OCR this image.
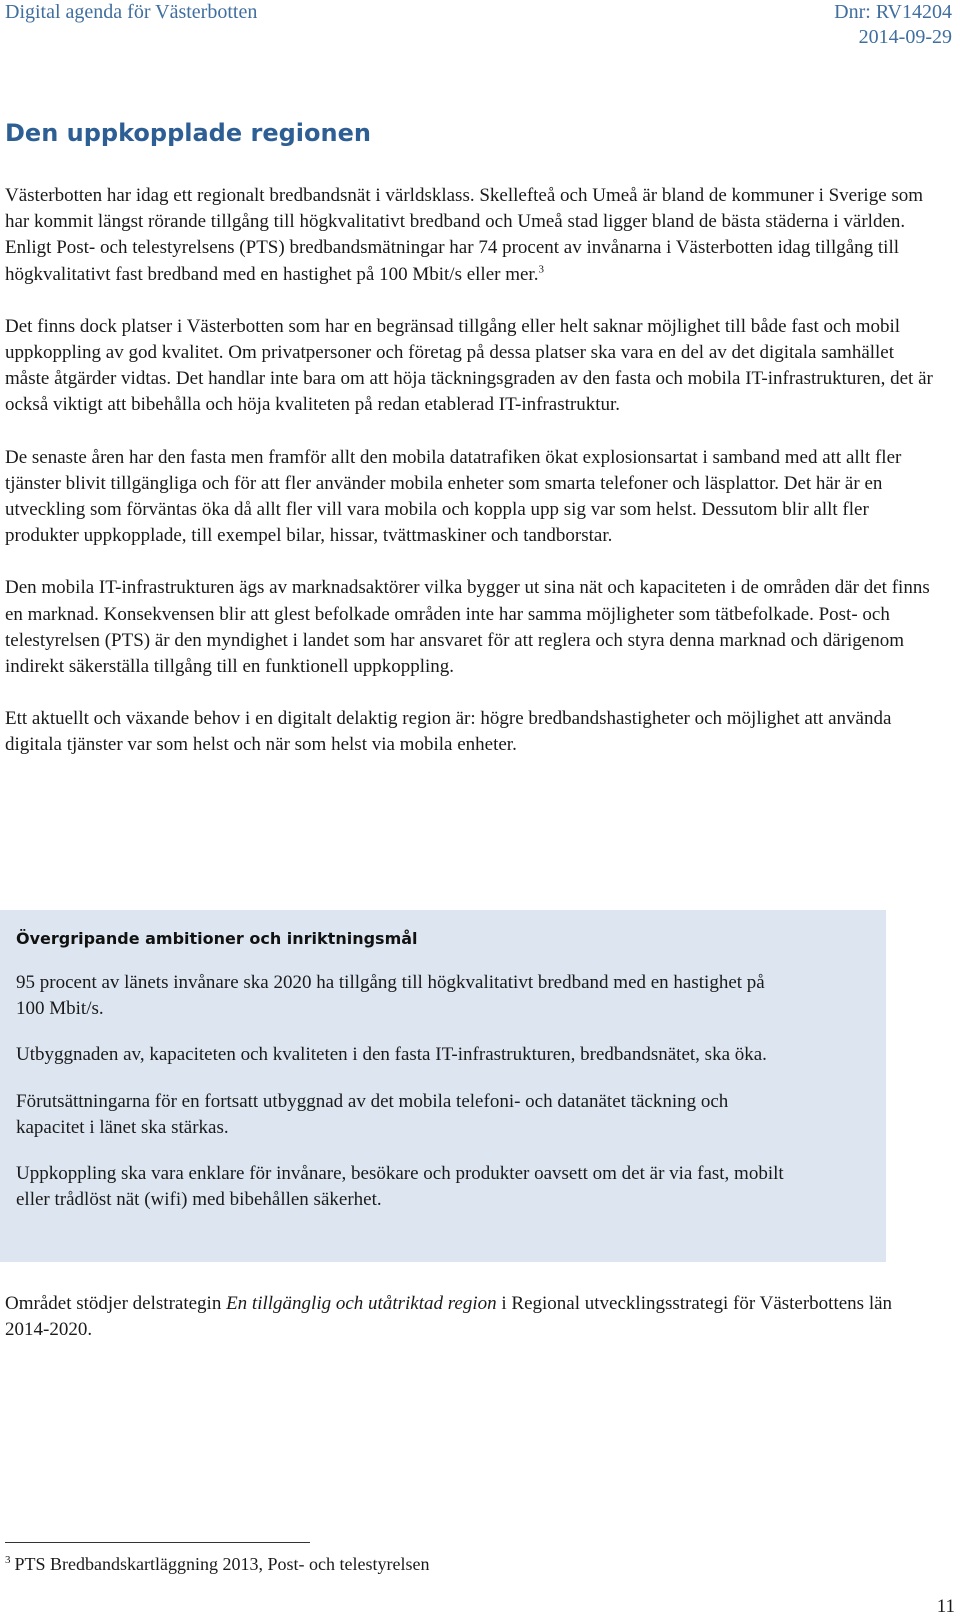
Digital agenda för Västerbotten	Dnr: RV14204
2014-09-29
Den uppkopplade regionen

Västerbotten har idag ett regionalt bredbandsnät i världsklass. Skellefteå och Umeå är bland de kommuner i Sverige som har kommit längst rörande tillgång till högkvalitativt bredband och Umeå stad ligger bland de bästa städerna i världen. Enligt Post- och telestyrelsens (PTS) bredbandsmätningar har 74 procent av invånarna i Västerbotten idag tillgång till högkvalitativt fast bredband med en hastighet på 100 Mbit/s eller mer.$^3$

Det finns dock platser i Västerbotten som har en begränsad tillgång eller helt saknar möjlighet till både fast och mobil uppkoppling av god kvalitet. Om privatpersoner och företag på dessa platser ska vara en del av det digitala samhället måste åtgärder vidtas. Det handlar inte bara om att höja täckningsgraden av den fasta och mobila IT-infrastrukturen, det är också viktigt att bibehålla och höja kvaliteten på redan etablerad IT-infrastruktur.

De senaste åren har den fasta men framför allt den mobila datatrafiken ökat explosionsartat i samband med att allt fler tjänster blivit tillgängliga och för att fler använder mobila enheter som smarta telefoner och läsplattor. Det här är en utveckling som förväntas öka då allt fler vill vara mobila och koppla upp sig var som helst. Dessutom blir allt fler produkter uppkopplade, till exempel bilar, hissar, tvättmaskiner och tandborstar.

Den mobila IT-infrastrukturen ägs av marknadsaktörer vilka bygger ut sina nät och kapaciteten i de områden där det finns en marknad. Konsekvensen blir att glest befolkade områden inte har samma möjligheter som tätbefolkade. Post- och telestyrelsen (PTS) är den myndighet i landet som har ansvaret för att reglera och styra denna marknad och därigenom indirekt säkerställa tillgång till en funktionell uppkoppling.

Ett aktuellt och växande behov i en digitalt delaktig region är: högre bredbandshastigheter och möjlighet att använda digitala tjänster var som helst och när som helst via mobila enheter.

Övergripande ambitioner och inriktningsmål
95 procent av länets invånare ska 2020 ha tillgång till högkvalitativt bredband med en hastighet på 100 Mbit/s.
Utbyggnaden av, kapaciteten och kvaliteten i den fasta IT-infrastrukturen, bredbandsnätet, ska öka.
Förutsättningarna för en fortsatt utbyggnad av det mobila telefoni- och datanätet täckning och kapacitet i länet ska stärkas.
Uppkoppling ska vara enklare för invånare, besökare och produkter oavsett om det är via fast, mobilt eller trådlöst nät (wifi) med bibehållen säkerhet.

Området stödjer delstrategin En tillgänglig och utåtriktad region i Regional utvecklingsstrategi för Västerbottens län 2014-2020.

$^3$ PTS Bredbandskartläggning 2013, Post- och telestyrelsen
11
